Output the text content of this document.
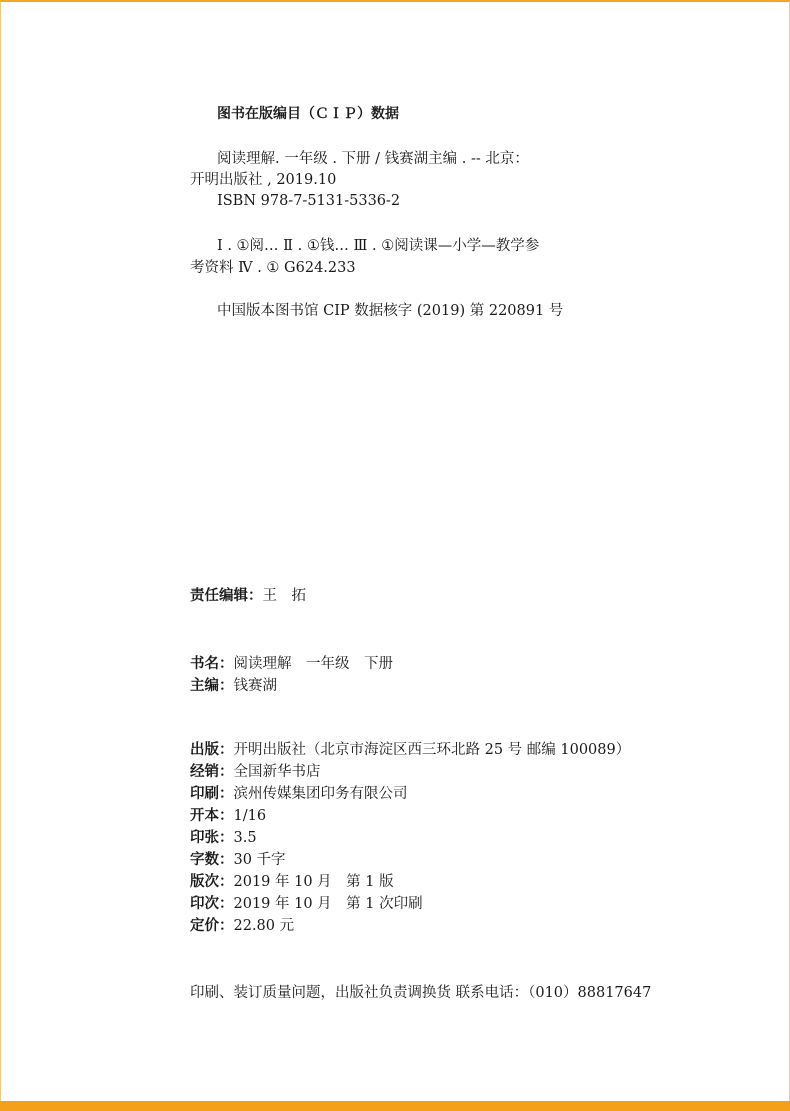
图书在版编目（ＣＩＰ）数据
阅读理解. 一年级 . 下册 / 钱赛湖主编 . -- 北京：
开明出版社 , 2019.10
ISBN 978-7-5131-5336-2
Ⅰ . ①阅… Ⅱ . ①钱… Ⅲ . ①阅读课—小学—教学参
考资料 Ⅳ . ① G624.233
中国版本图书馆 CIP 数据核字 (2019) 第 220891 号
责任编辑：王　拓
书名：阅读理解　一年级　下册
主编：钱赛湖
出版：开明出版社（北京市海淀区西三环北路 25 号 邮编 100089）
经销：全国新华书店
印刷：滨州传媒集团印务有限公司
开本：1/16
印张：3.5
字数：30 千字
版次：2019 年 10 月　第 1 版
印次：2019 年 10 月　第 1 次印刷
定价：22.80 元
印刷、装订质量问题，出版社负责调换货 联系电话：（010）88817647
